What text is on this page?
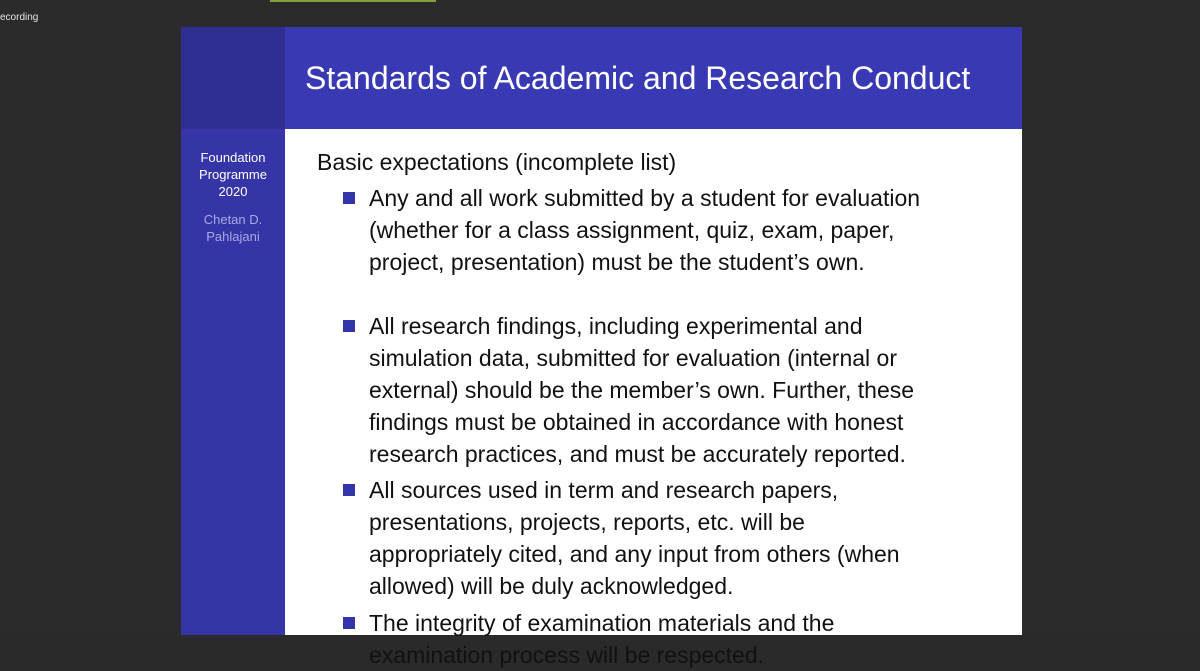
ecording
Standards of Academic and Research Conduct
Foundation
Programme
2020
Chetan D.
Pahlajani
Basic expectations (incomplete list)
Any and all work submitted by a student for evaluation
(whether for a class assignment, quiz, exam, paper,
project, presentation) must be the student’s own.
All research findings, including experimental and
simulation data, submitted for evaluation (internal or
external) should be the member’s own. Further, these
findings must be obtained in accordance with honest
research practices, and must be accurately reported.
All sources used in term and research papers,
presentations, projects, reports, etc. will be
appropriately cited, and any input from others (when
allowed) will be duly acknowledged.
The integrity of examination materials and the
examination process will be respected.
